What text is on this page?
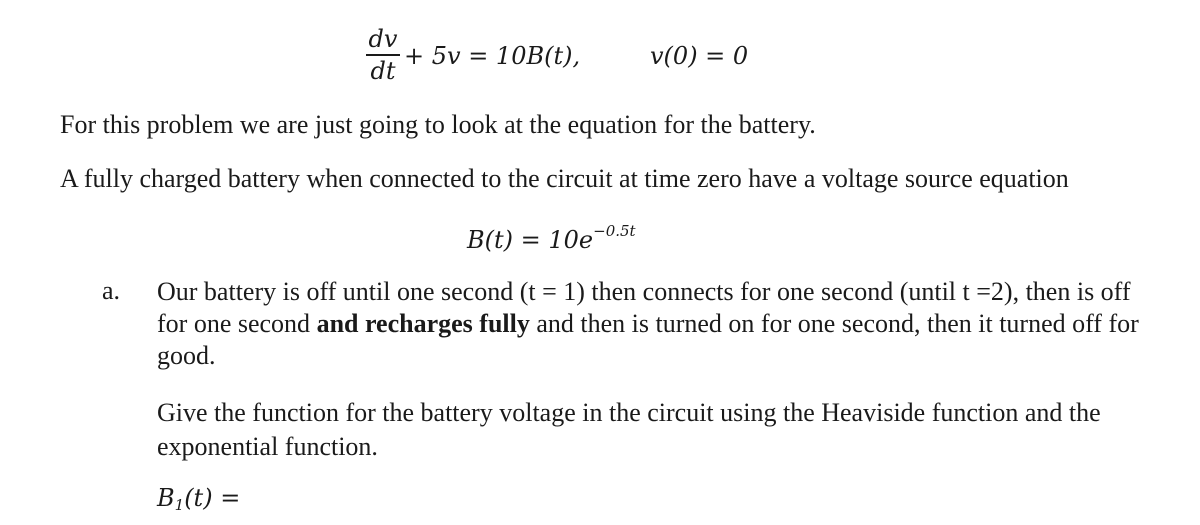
dv
dt
+ 5v = 10B(t),	v(0) = 0
For this problem we are just going to look at the equation for the battery.
A fully charged battery when connected to the circuit at time zero have a voltage source equation
$B(t) = 10e^{-0.5t}$
a. Our battery is off until one second (t = 1) then connects for one second (until t =2), then is off for one second and recharges fully and then is turned on for one second, then it turned off for good.
Give the function for the battery voltage in the circuit using the Heaviside function and the exponential function.
$B_1(t)$ =
